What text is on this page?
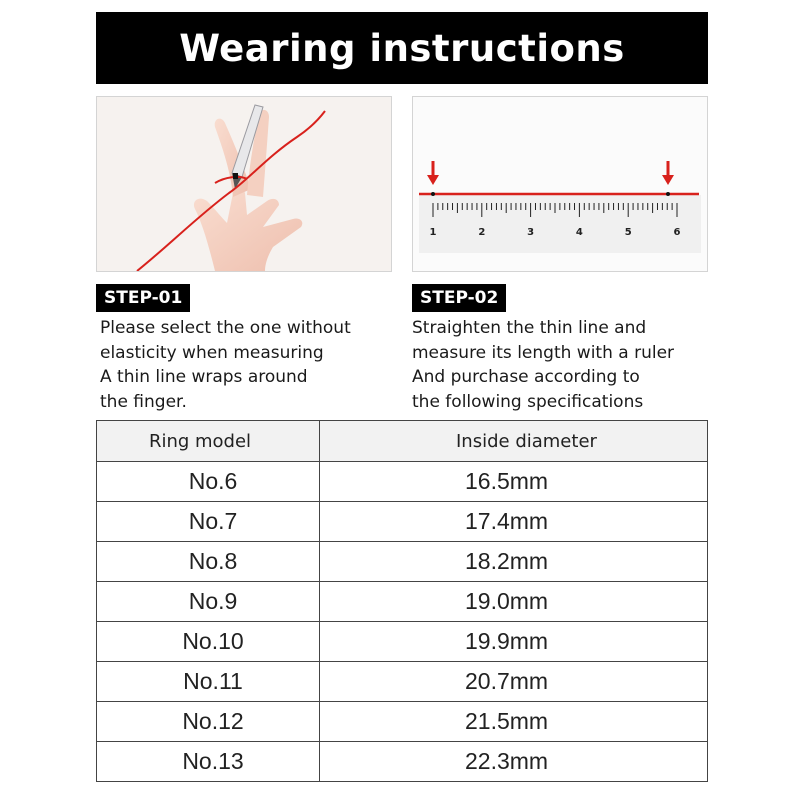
Wearing instructions
1	2	3	4	5	6
STEP-01
Please select the one without
elasticity when measuring
A thin line wraps around
the finger.
STEP-02
Straighten the thin line and
measure its length with a ruler
And purchase according to
the following specifications
Ring model	Inside diameter
No.6	16.5mm
No.7	17.4mm
No.8	18.2mm
No.9	19.0mm
No.10	19.9mm
No.11	20.7mm
No.12	21.5mm
No.13	22.3mm
